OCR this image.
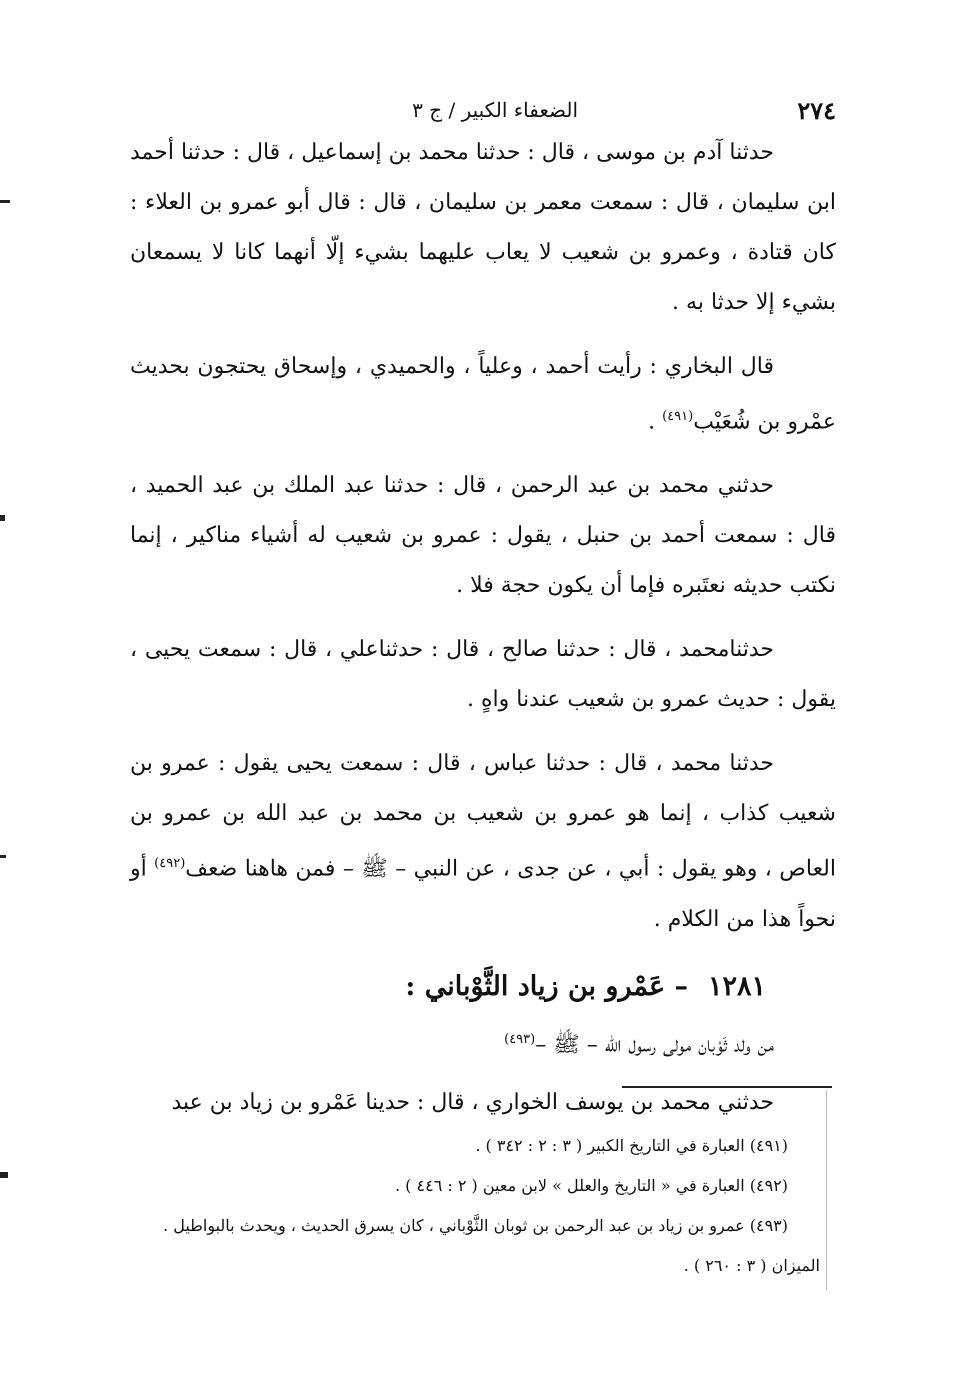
٢٧٤
الضعفاء الكبير / ج ٣

حدثنا آدم بن موسى ، قال : حدثنا محمد بن إسماعيل ، قال : حدثنا أحمد ابن سليمان ، قال : سمعت معمر بن سليمان ، قال : قال أبو عمرو بن العلاء : كان قتادة ، وعمرو بن شعيب لا يعاب عليهما بشيء إلّا أنهما كانا لا يسمعان بشيء إلا حدثا به .

قال البخاري : رأيت أحمد ، وعلياً ، والحميدي ، وإسحاق يحتجون بحديث عمْرو بن شُعَيْب$^{(٤٩١)}$ .

حدثني محمد بن عبد الرحمن ، قال : حدثنا عبد الملك بن عبد الحميد ، قال : سمعت أحمد بن حنبل ، يقول : عمرو بن شعيب له أشياء مناكير ، إنما نكتب حديثه نعتَبره فإما أن يكون حجة فلا .

حدثنامحمد ، قال : حدثنا صالح ، قال : حدثناعلي ، قال : سمعت يحيى ، يقول : حديث عمرو بن شعيب عندنا واهٍ .

حدثنا محمد ، قال : حدثنا عباس ، قال : سمعت يحيى يقول : عمرو بن شعيب كذاب ، إنما هو عمرو بن شعيب بن محمد بن عبد الله بن عمرو بن العاص ، وهو يقول : أبي ، عن جدى ، عن النبي – ﷺ – فمن هاهنا ضعف$^{(٤٩٢)}$ أو نحواً هذا من الكلام .

١٢٨١– عَمْرو بن زياد الثَّوْباني :

من ولد ثَوْبان مولى رسول الله – ﷺ –$^{(٤٩٣)}$

حدثني محمد بن يوسف الخواري ، قال : حدينا عَمْرو بن زياد بن عبد

(٤٩١) العبارة في التاريخ الكبير ( ٣ : ٢ : ٣٤٢ ) .

(٤٩٢) العبارة في « التاريخ والعلل » لابن معين ( ٢ : ٤٤٦ ) .

(٤٩٣) عمرو بن زياد بن عبد الرحمن بن ثوبان الثَّوْباني ، كان يسرق الحديث ، ويحدث بالبواطيل . الميزان ( ٣ : ٢٦٠ ) .
